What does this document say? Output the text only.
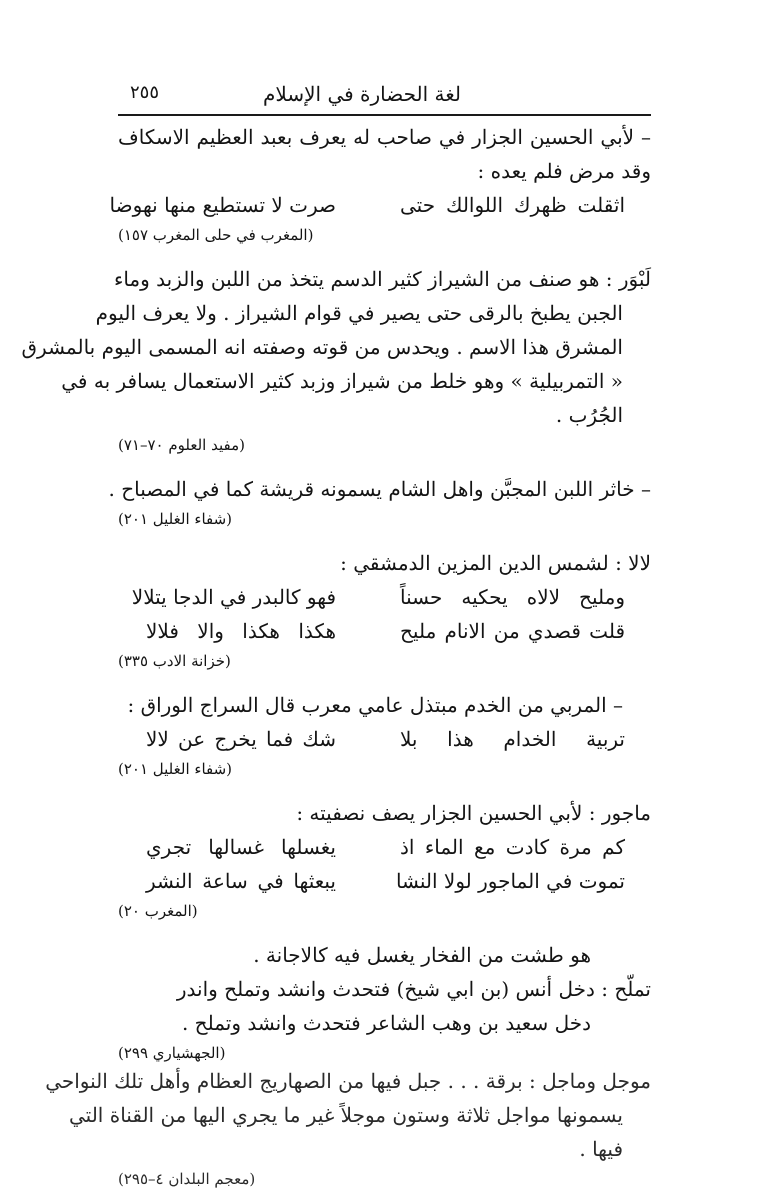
لغة الحضارة في الإسلام
٢٥٥
– لأبي الحسين الجزار في صاحب له يعرف بعبد العظيم الاسكاف
وقد مرض فلم يعده :
اثقلت ظهرك اللوالك حتى
صرت لا تستطيع منها نهوضا
(المغرب في حلى المغرب ١٥٧)
لَبْوَر : هو صنف من الشيراز كثير الدسم يتخذ من اللبن والزبد وماء
الجبن يطبخ بالرقى حتى يصير في قوام الشيراز . ولا يعرف اليوم
المشرق هذا الاسم . ويحدس من قوته وصفته انه المسمى اليوم بالمشرق
« التمربيلية » وهو خلط من شيراز وزبد كثير الاستعمال يسافر به في
الجُرُب .
(مفيد العلوم ٧٠–٧١)
– خاثر اللبن المجبَّن واهل الشام يسمونه قريشة كما في المصباح .
(شفاء الغليل ٢٠١)
لالا : لشمس الدين المزين الدمشقي :
ومليح لالاه يحكيه حسناً
فهو كالبدر في الدجا يتلالا
قلت قصدي من الانام مليح
هكذا هكذا والا فلالا
(خزانة الادب ٣٣٥)
– المربي من الخدم مبتذل عامي معرب قال السراج الوراق :
تربية الخدام هذا بلا
شك فما يخرج عن لالا
(شفاء الغليل ٢٠١)
ماجور : لأبي الحسين الجزار يصف نصفيته :
كم مرة كادت مع الماء اذ
يغسلها غسالها تجري
تموت في الماجور لولا النشا
يبعثها في ساعة النشر
(المغرب ٢٠)
هو طشت من الفخار يغسل فيه كالاجانة .
تملّح : دخل أنس (بن ابي شيخ) فتحدث وانشد وتملح واندر
دخل سعيد بن وهب الشاعر فتحدث وانشد وتملح .
(الجهشياري ٢٩٩)
موجل وماجل : برقة . . . جبل فيها من الصهاريج العظام وأهل تلك النواحي
يسمونها مواجل ثلاثة وستون موجلاً غير ما يجري اليها من القناة التي
فيها .
(معجم البلدان ٤–٢٩٥)
